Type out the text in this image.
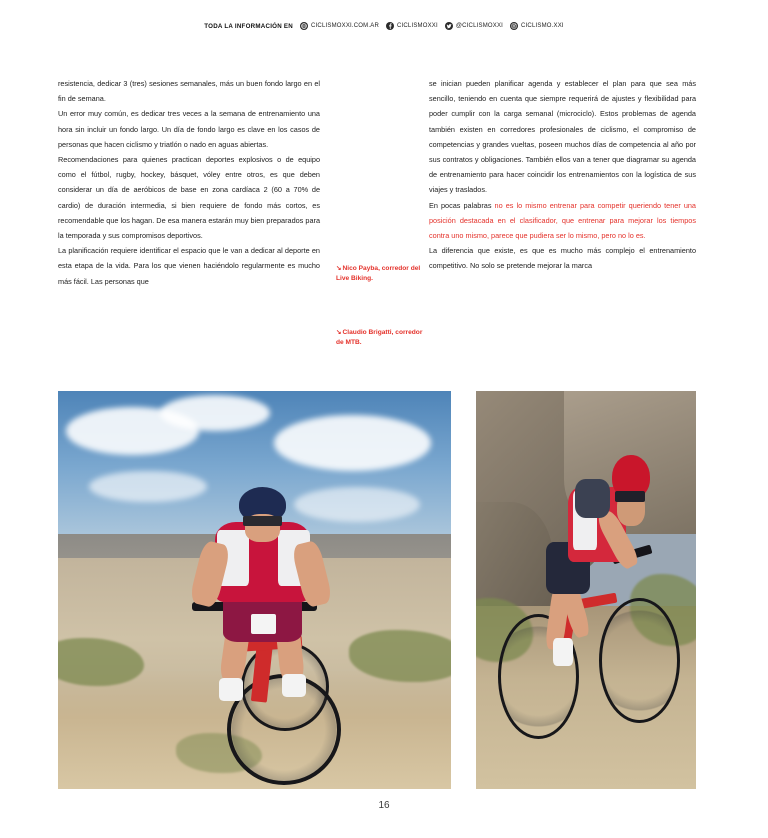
TODA LA INFORMACIÓN EN	CICLISMOXXI.COM.AR	CICLISMOXXI	@CICLISMOXXI	CICLISMO.XXI

resistencia, dedicar 3 (tres) sesiones semanales, más un buen fondo largo en el fin de semana.

Un error muy común, es dedicar tres veces a la semana de entrenamiento una hora sin incluir un fondo largo. Un día de fondo largo es clave en los casos de personas que hacen ciclismo y triatlón o nado en aguas abiertas.

Recomendaciones para quienes practican deportes explosivos o de equipo como el fútbol, rugby, hockey, básquet, vóley entre otros, es que deben considerar un día de aeróbicos de base en zona cardíaca 2 (60 a 70% de cardio) de duración intermedia, si bien requiere de fondo más cortos, es recomendable que los hagan. De esa manera estarán muy bien preparados para la temporada y sus compromisos deportivos.

La planificación requiere identificar el espacio que le van a dedicar al deporte en esta etapa de la vida. Para los que vienen haciéndolo regularmente es mucho más fácil. Las personas que

se inician pueden planificar agenda y establecer el plan para que sea más sencillo, teniendo en cuenta que siempre requerirá de ajustes y flexibilidad para poder cumplir con la carga semanal (microciclo). Estos problemas de agenda también existen en corredores profesionales de ciclismo, el compromiso de competencias y grandes vueltas, poseen muchos días de competencia al año por sus contratos y obligaciones. También ellos van a tener que diagramar su agenda de entrenamiento para hacer coincidir los entrenamientos con la logística de sus viajes y traslados.

En pocas palabras no es lo mismo entrenar para competir queriendo tener una posición destacada en el clasificador, que entrenar para mejorar los tiempos contra uno mismo, parece que pudiera ser lo mismo, pero no lo es.

La diferencia que existe, es que es mucho más complejo el entrenamiento competitivo. No solo se pretende mejorar la marca

↘Nico Payba, corredor del Live Biking.
↘Claudio Brigatti, corredor de MTB.
16
